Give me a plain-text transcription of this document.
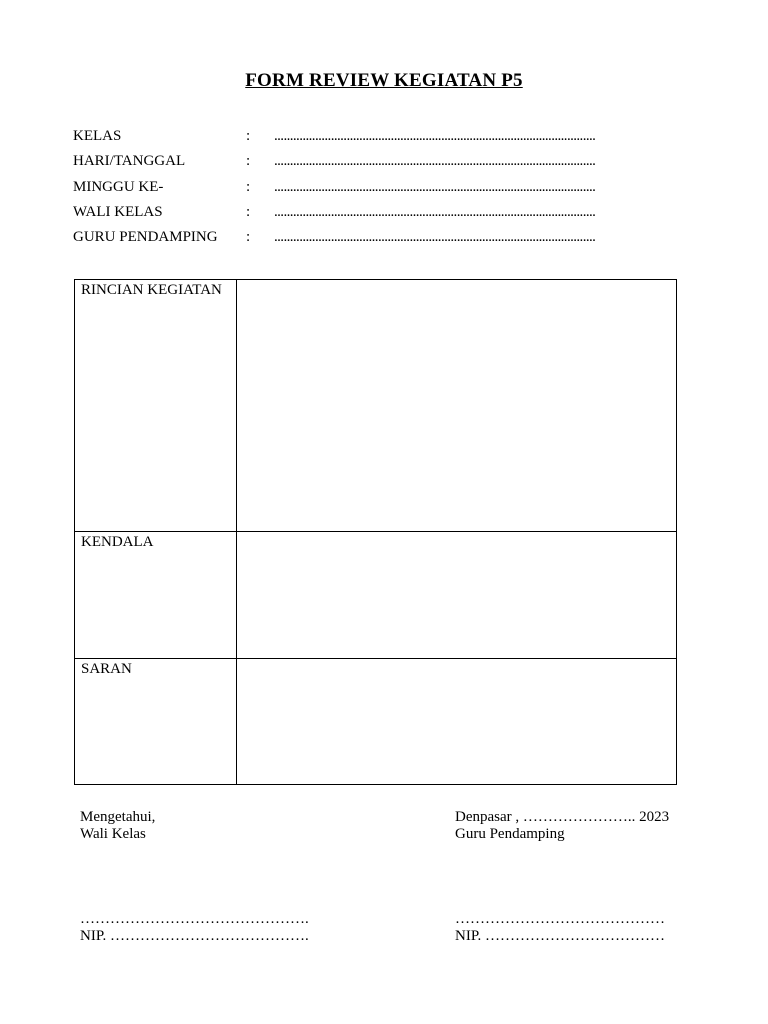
FORM REVIEW KEGIATAN P5
KELAS	: ......................................................................................................
HARI/TANGGAL	: ......................................................................................................
MINGGU KE-	: ......................................................................................................
WALI KELAS	: ......................................................................................................
GURU PENDAMPING : ......................................................................................................
RINCIAN KEGIATAN	
KENDALA	
SARAN	
Mengetahui,
Wali Kelas
……………………………………….
NIP. ………………………………….
Denpasar , ………………….. 2023
Guru Pendamping
……………………………………
NIP. ………………………………
